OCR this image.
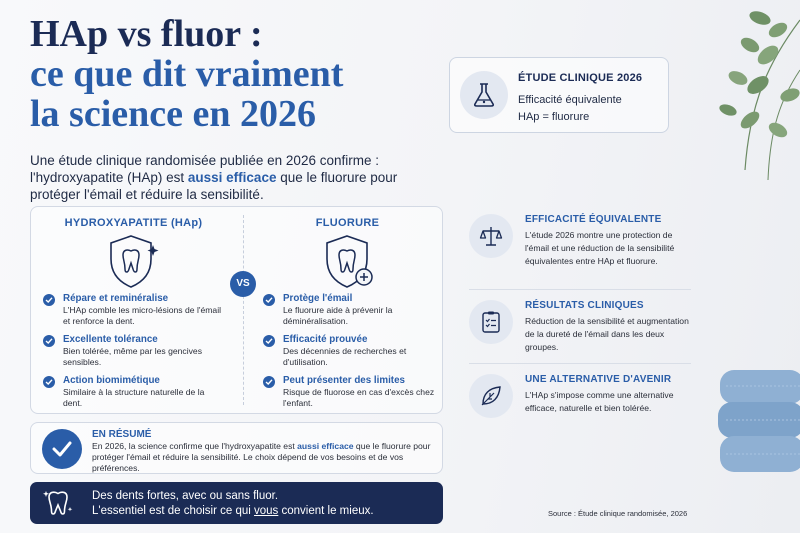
HAp vs fluor :
ce que dit vraiment
la science en 2026

Une étude clinique randomisée publiée en 2026 confirme : l'hydroxyapatite (HAp) est aussi efficace que le fluorure pour protéger l'émail et réduire la sensibilité.

ÉTUDE CLINIQUE 2026
Efficacité équivalente
HAp = fluorure
HYDROXYAPATITE (HAp)	FLUORURE
VS
Répare et reminéralise
L'HAp comble les micro-lésions de l'émail et renforce la dent.
Excellente tolérance
Bien tolérée, même par les gencives sensibles.
Action biomimétique
Similaire à la structure naturelle de la dent.
Protège l'émail
Le fluorure aide à prévenir la déminéralisation.
Efficacité prouvée
Des décennies de recherches et d'utilisation.
Peut présenter des limites
Risque de fluorose en cas d'excès chez l'enfant.
EN RÉSUMÉ

En 2026, la science confirme que l'hydroxyapatite est aussi efficace que le fluorure pour protéger l'émail et réduire la sensibilité. Le choix dépend de vos besoins et de vos préférences.

Des dents fortes, avec ou sans fluor.
L'essentiel est de choisir ce qui vous convient le mieux.
EFFICACITÉ ÉQUIVALENTE
L'étude 2026 montre une protection de l'émail et une réduction de la sensibilité équivalentes entre HAp et fluorure.
RÉSULTATS CLINIQUES
Réduction de la sensibilité et augmentation de la dureté de l'émail dans les deux groupes.
UNE ALTERNATIVE D'AVENIR
L'HAp s'impose comme une alternative efficace, naturelle et bien tolérée.
Source : Étude clinique randomisée, 2026
